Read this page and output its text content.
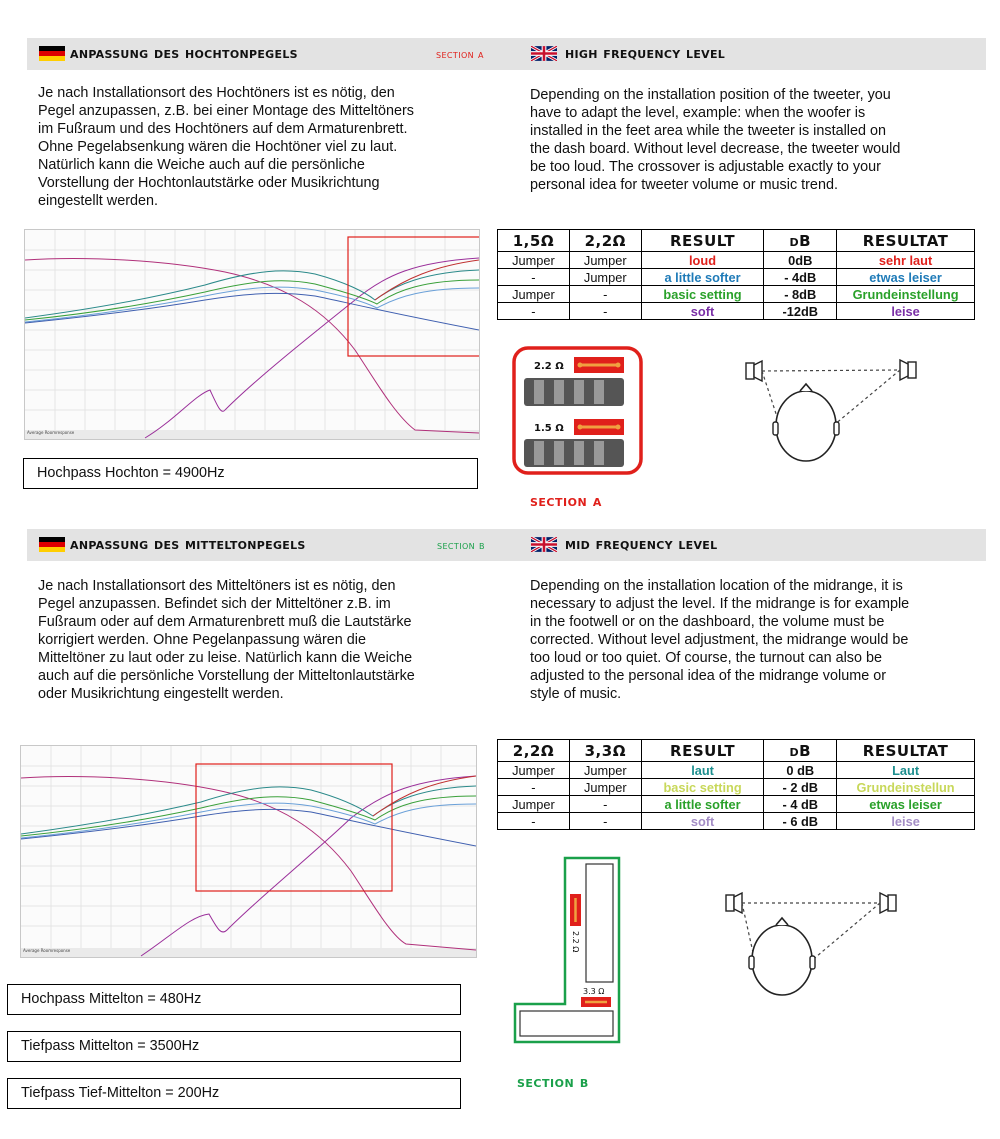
anpassung des hochtonpegels	section a	high frequency level
Je nach Installationsort des Hochtöners ist es nötig, den
Pegel anzupassen, z.B. bei einer Montage des Mitteltöners
im Fußraum und des Hochtöners auf dem Armaturenbrett.
Ohne Pegelabsenkung wären die Hochtöner viel zu laut.
Natürlich kann die Weiche auch auf die persönliche
Vorstellung der Hochtonlautstärke oder Musikrichtung
eingestellt werden.
Depending on the installation position of the tweeter, you
have to adapt the level, example: when the woofer is
installed in the feet area while the tweeter is installed on
the dash board. Without level decrease, the tweeter would
be too loud. The crossover is adjustable exactly to your
personal idea for tweeter volume or music trend.
Average Roomresponse
Hochpass Hochton = 4900Hz
1,5Ω	2,2Ω	RESULT	dB	RESULTAT
Jumper	Jumper	loud	0dB	sehr laut
-	Jumper	a little softer	- 4dB	etwas leiser
Jumper	-	basic setting	- 8dB	Grundeinstellung
-	-	soft	-12dB	leise
2.2 Ω
1.5 Ω
section a
anpassung des mitteltonpegels	section b	mid frequency level
Je nach Installationsort des Mitteltöners ist es nötig, den
Pegel anzupassen. Befindet sich der Mitteltöner z.B. im
Fußraum oder auf dem Armaturenbrett muß die Lautstärke
korrigiert werden. Ohne Pegelanpassung wären die
Mitteltöner zu laut oder zu leise. Natürlich kann die Weiche
auch auf die persönliche Vorstellung der Mitteltonlautstärke
oder Musikrichtung eingestellt werden.
Depending on the installation location of the midrange, it is
necessary to adjust the level. If the midrange is for example
in the footwell or on the dashboard, the volume must be
corrected. Without level adjustment, the midrange would be
too loud or too quiet. Of course, the turnout can also be
adjusted to the personal idea of the midrange volume or
style of music.
Average Roomresponse
Hochpass Mittelton = 480Hz
Tiefpass Mittelton = 3500Hz
Tiefpass Tief-Mittelton = 200Hz
2,2Ω	3,3Ω	RESULT	dB	RESULTAT
Jumper	Jumper	laut	0 dB	Laut
-	Jumper	basic setting	- 2 dB	Grundeinstellun
Jumper	-	a little softer	- 4 dB	etwas leiser
-	-	soft	- 6 dB	leise
2.2 Ω
3.3 Ω
section b
